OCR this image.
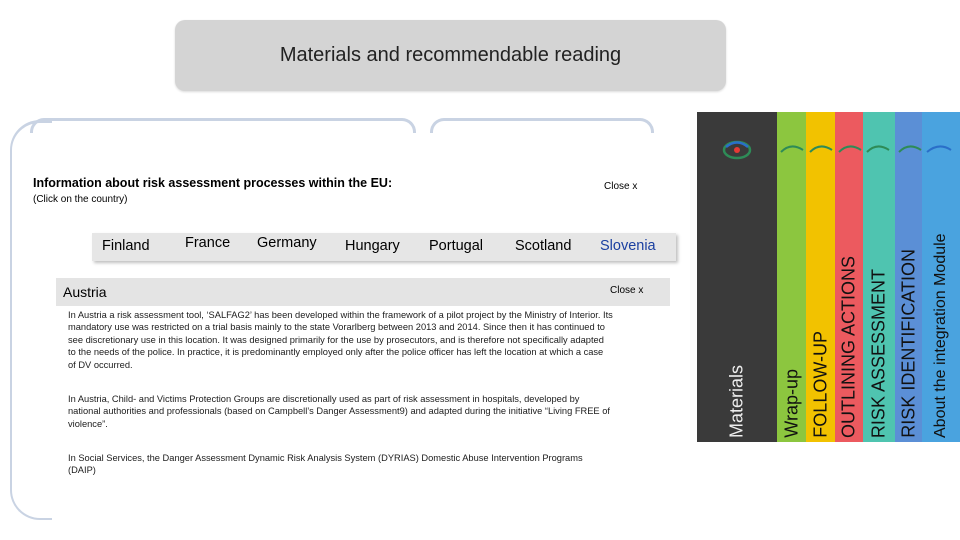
Materials and recommendable reading
Information about risk assessment processes within the EU:
(Click on the country)
Close x
Finland France Germany Hungary Portugal Scotland Slovenia
Austria	Close x
In Austria a risk assessment tool, ‘SALFAG2’ has been developed within the framework of a pilot project by the Ministry of Interior. Its mandatory use was restricted on a trial basis mainly to the state Vorarlberg between 2013 and 2014. Since then it has continued to see discretionary use in this location. It was designed primarily for the use by prosecutors, and is therefore not specifically adapted to the needs of the police. In practice, it is predominantly employed only after the police officer has left the location at which a case of DV occurred.
In Austria, Child- and Victims Protection Groups are discretionally used as part of risk assessment in hospitals, developed by national authorities and professionals (based on Campbell’s Danger Assessment9) and adapted during the initiative “Living FREE of violence”.
In Social Services, the Danger Assessment Dynamic Risk Analysis System (DYRIAS) Domestic Abuse Intervention Programs (DAIP)
Materials Wrap-up FOLLOW-UP OUTLINING ACTIONS RISK ASSESSMENT RISK IDENTIFICATION About the integration Module
